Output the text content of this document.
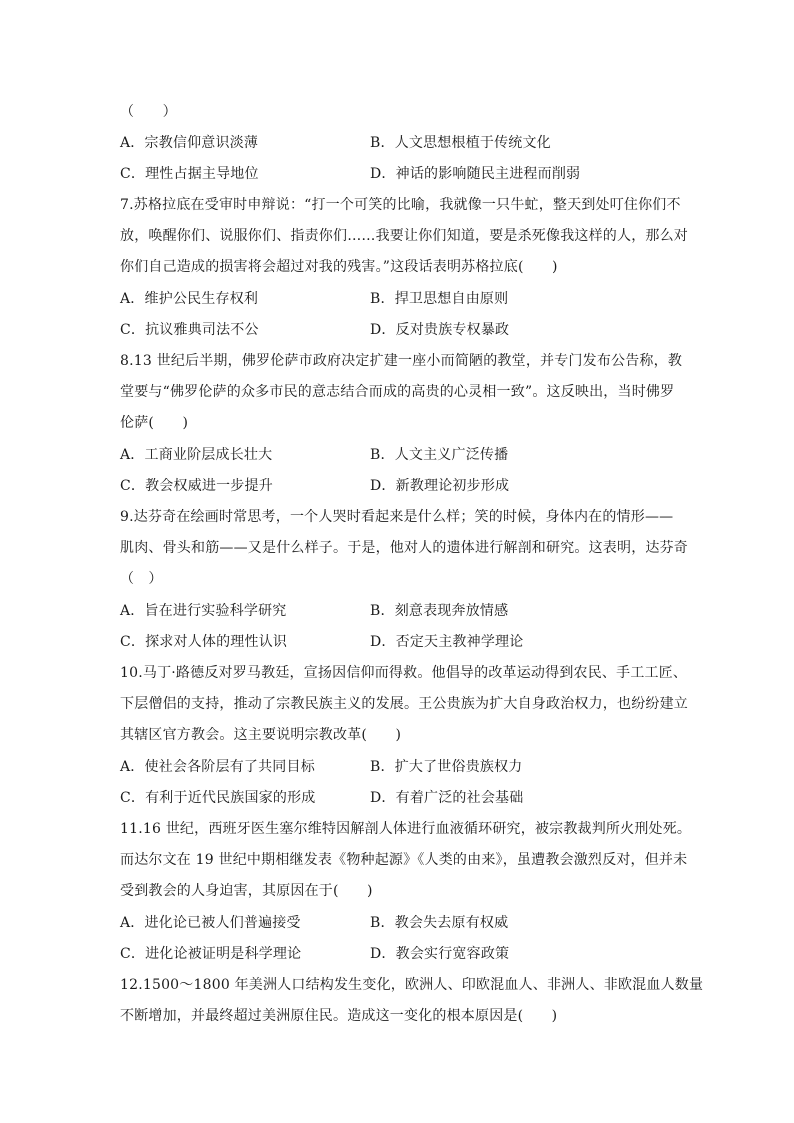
（　　）
A．宗教信仰意识淡薄	B．人文思想根植于传统文化
C．理性占据主导地位	D．神话的影响随民主进程而削弱
7.苏格拉底在受审时申辩说：“打一个可笑的比喻，我就像一只牛虻，整天到处叮住你们不
放，唤醒你们、说服你们、指责你们……我要让你们知道，要是杀死像我这样的人，那么对
你们自己造成的损害将会超过对我的残害。”这段话表明苏格拉底(　　)
A．维护公民生存权利	B．捍卫思想自由原则
C．抗议雅典司法不公	D．反对贵族专权暴政
8.13 世纪后半期，佛罗伦萨市政府决定扩建一座小而简陋的教堂，并专门发布公告称，教
堂要与“佛罗伦萨的众多市民的意志结合而成的高贵的心灵相一致”。这反映出，当时佛罗
伦萨(　　)
A．工商业阶层成长壮大	B．人文主义广泛传播
C．教会权威进一步提升	D．新教理论初步形成
9.达芬奇在绘画时常思考，一个人哭时看起来是什么样；笑的时候，身体内在的情形——
肌肉、骨头和筋——又是什么样子。于是，他对人的遗体进行解剖和研究。这表明，达芬奇
（　）
A．旨在进行实验科学研究	B．刻意表现奔放情感
C．探求对人体的理性认识	D．否定天主教神学理论
10.马丁·路德反对罗马教廷，宣扬因信仰而得救。他倡导的改革运动得到农民、手工工匠、
下层僧侣的支持，推动了宗教民族主义的发展。王公贵族为扩大自身政治权力，也纷纷建立
其辖区官方教会。这主要说明宗教改革(　　)
A．使社会各阶层有了共同目标	B．扩大了世俗贵族权力
C．有利于近代民族国家的形成	D．有着广泛的社会基础
11.16 世纪，西班牙医生塞尔维特因解剖人体进行血液循环研究，被宗教裁判所火刑处死。
而达尔文在 19 世纪中期相继发表《物种起源》《人类的由来》，虽遭教会激烈反对，但并未
受到教会的人身迫害，其原因在于(　　)
A．进化论已被人们普遍接受	B．教会失去原有权威
C．进化论被证明是科学理论	D．教会实行宽容政策
12.1500～1800 年美洲人口结构发生变化，欧洲人、印欧混血人、非洲人、非欧混血人数量
不断增加，并最终超过美洲原住民。造成这一变化的根本原因是(　　)
